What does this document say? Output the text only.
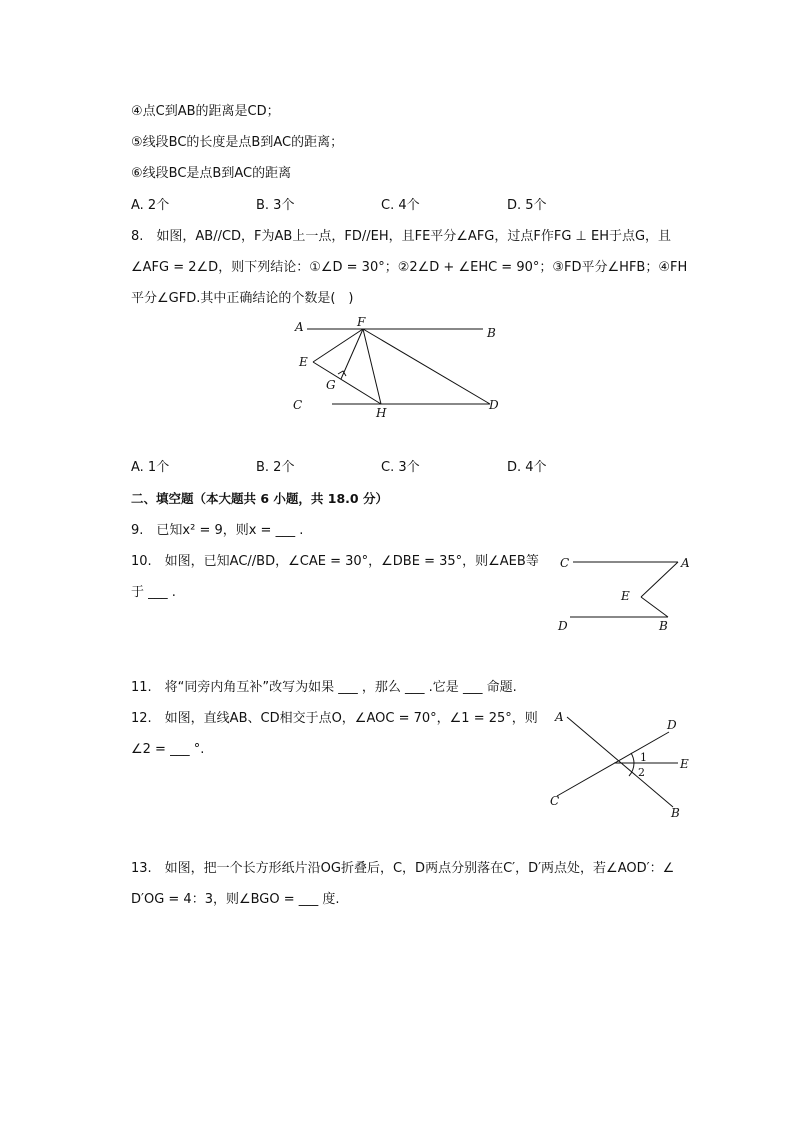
④点C到AB的距离是CD；
⑤线段BC的长度是点B到AC的距离；
⑥线段BC是点B到AC的距离
A. 2个	B. 3个	C. 4个	D. 5个
8.　如图，AB//CD，F为AB上一点，FD//EH，且FE平分∠AFG，过点F作FG ⊥ EH于点G，且
∠AFG = 2∠D，则下列结论：①∠D = 30°；②2∠D + ∠EHC = 90°；③FD平分∠HFB；④FH
平分∠GFD.其中正确结论的个数是(　)
A	F
B
E
G
C
H
D
A. 1个	B. 2个	C. 3个	D. 4个
二、填空题（本大题共 6 小题，共 18.0 分）
9.　已知x² = 9，则x = ___ .
10.　如图，已知AC//BD，∠CAE = 30°，∠DBE = 35°，则∠AEB等
于 ___ .
C	A
E
D	B
11.　将“同旁内角互补”改写为如果 ___ ，那么 ___ .它是 ___ 命题.
12.　如图，直线AB、CD相交于点O，∠AOC = 70°，∠1 = 25°，则
∠2 = ___ °.
A
D
E
C
B
1
2
13.　如图，把一个长方形纸片沿OG折叠后，C，D两点分别落在C′，D′两点处，若∠AOD′：∠
D′OG = 4：3，则∠BGO = ___ 度.
